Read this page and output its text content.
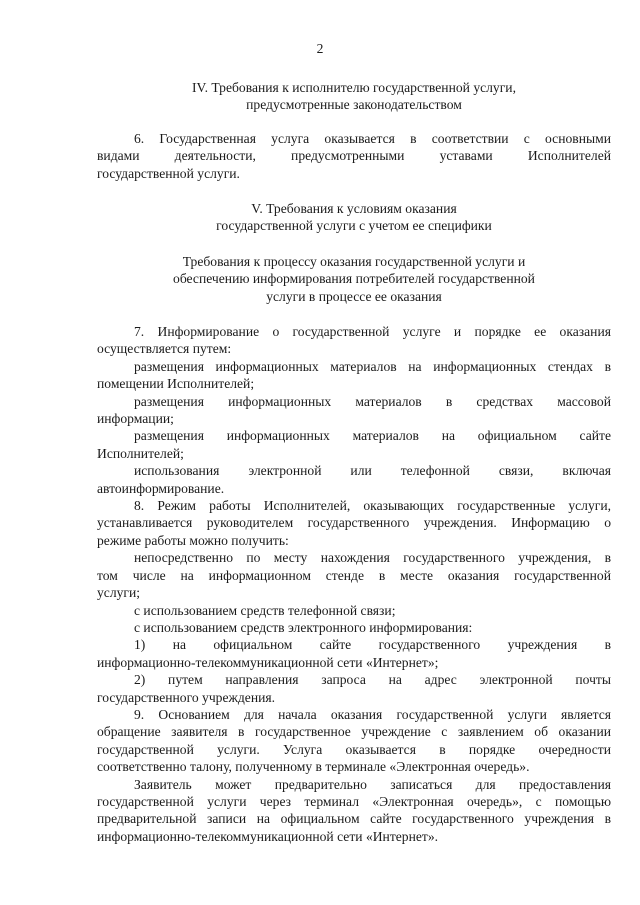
2
IV. Требования к исполнителю государственной услуги,
предусмотренные законодательством
6. Государственная услуга оказывается в соответствии с основными
видами деятельности, предусмотренными уставами Исполнителей
государственной услуги.
V. Требования к условиям оказания
государственной услуги с учетом ее специфики
Требования к процессу оказания государственной услуги и
обеспечению информирования потребителей государственной
услуги в процессе ее оказания
7. Информирование о государственной услуге и порядке ее оказания
осуществляется путем:
размещения информационных материалов на информационных стендах в
помещении Исполнителей;
размещения информационных материалов в средствах массовой
информации;
размещения информационных материалов на официальном сайте
Исполнителей;
использования электронной или телефонной связи, включая
автоинформирование.
8. Режим работы Исполнителей, оказывающих государственные услуги,
устанавливается руководителем государственного учреждения. Информацию о
режиме работы можно получить:
непосредственно по месту нахождения государственного учреждения, в
том числе на информационном стенде в месте оказания государственной
услуги;
с использованием средств телефонной связи;
с использованием средств электронного информирования:
1) на официальном сайте государственного учреждения в
информационно-телекоммуникационной сети «Интернет»;
2) путем направления запроса на адрес электронной почты
государственного учреждения.
9. Основанием для начала оказания государственной услуги является
обращение заявителя в государственное учреждение с заявлением об оказании
государственной услуги. Услуга оказывается в порядке очередности
соответственно талону, полученному в терминале «Электронная очередь».
Заявитель может предварительно записаться для предоставления
государственной услуги через терминал «Электронная очередь», с помощью
предварительной записи на официальном сайте государственного учреждения в
информационно-телекоммуникационной сети «Интернет».
